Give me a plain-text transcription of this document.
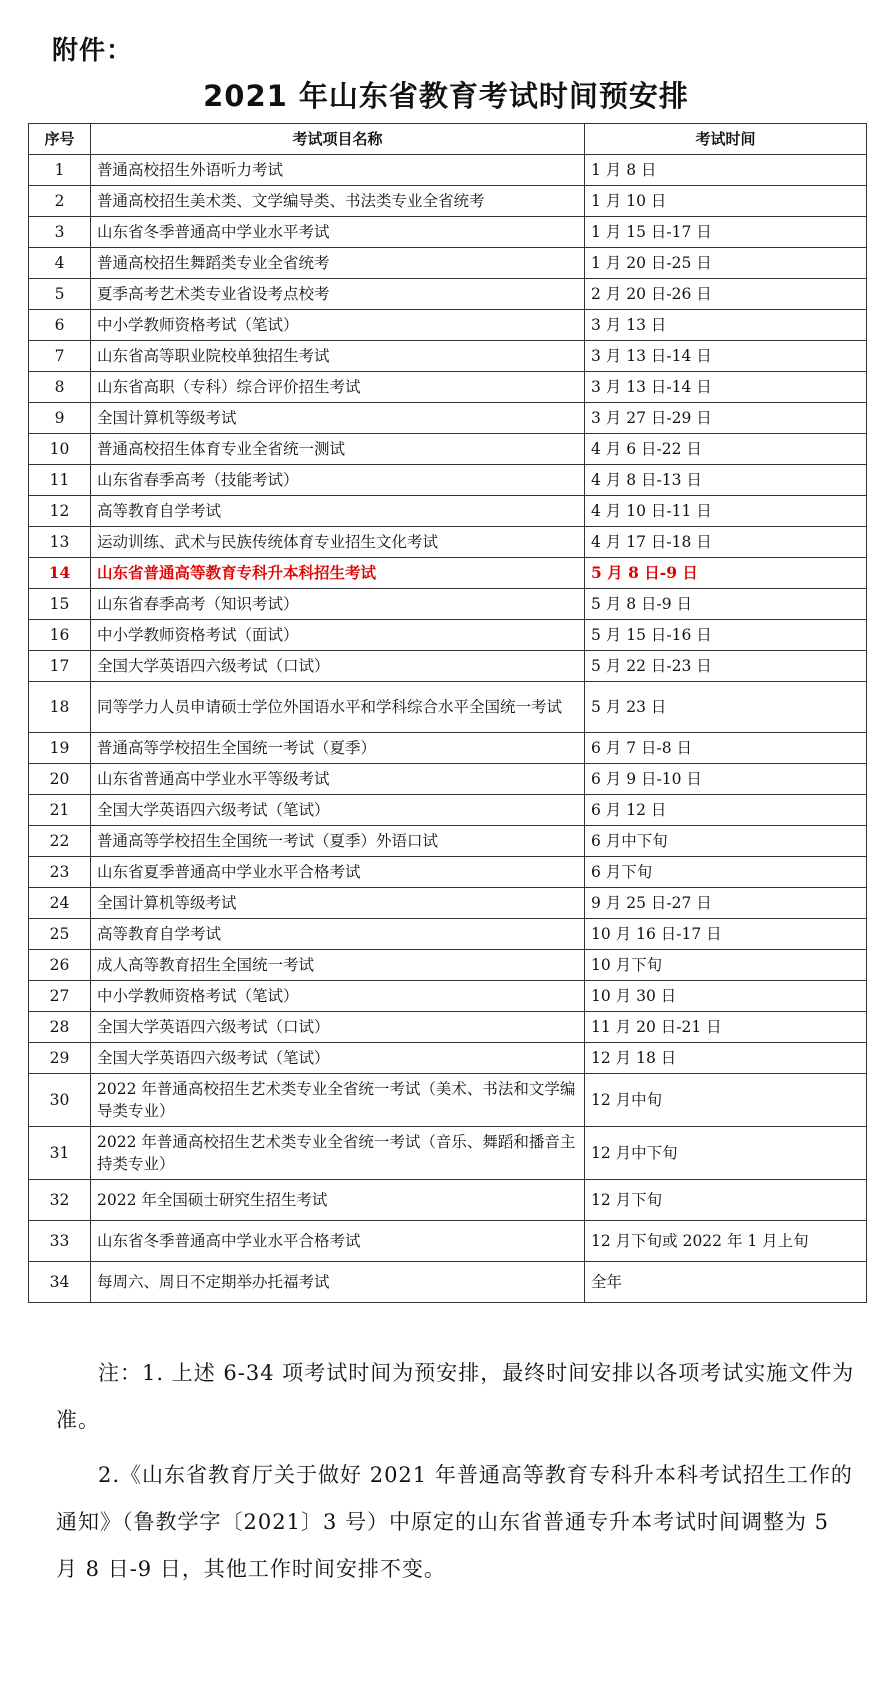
附件：
2021 年山东省教育考试时间预安排
序号	考试项目名称	考试时间
1	普通高校招生外语听力考试	1 月 8 日
2	普通高校招生美术类、文学编导类、书法类专业全省统考	1 月 10 日
3	山东省冬季普通高中学业水平考试	1 月 15 日-17 日
4	普通高校招生舞蹈类专业全省统考	1 月 20 日-25 日
5	夏季高考艺术类专业省设考点校考	2 月 20 日-26 日
6	中小学教师资格考试（笔试）	3 月 13 日
7	山东省高等职业院校单独招生考试	3 月 13 日-14 日
8	山东省高职（专科）综合评价招生考试	3 月 13 日-14 日
9	全国计算机等级考试	3 月 27 日-29 日
10	普通高校招生体育专业全省统一测试	4 月 6 日-22 日
11	山东省春季高考（技能考试）	4 月 8 日-13 日
12	高等教育自学考试	4 月 10 日-11 日
13	运动训练、武术与民族传统体育专业招生文化考试	4 月 17 日-18 日
14	山东省普通高等教育专科升本科招生考试	5 月 8 日-9 日
15	山东省春季高考（知识考试）	5 月 8 日-9 日
16	中小学教师资格考试（面试）	5 月 15 日-16 日
17	全国大学英语四六级考试（口试）	5 月 22 日-23 日
18	同等学力人员申请硕士学位外国语水平和学科综合水平全国统一考试	5 月 23 日
19	普通高等学校招生全国统一考试（夏季）	6 月 7 日-8 日
20	山东省普通高中学业水平等级考试	6 月 9 日-10 日
21	全国大学英语四六级考试（笔试）	6 月 12 日
22	普通高等学校招生全国统一考试（夏季）外语口试	6 月中下旬
23	山东省夏季普通高中学业水平合格考试	6 月下旬
24	全国计算机等级考试	9 月 25 日-27 日
25	高等教育自学考试	10 月 16 日-17 日
26	成人高等教育招生全国统一考试	10 月下旬
27	中小学教师资格考试（笔试）	10 月 30 日
28	全国大学英语四六级考试（口试）	11 月 20 日-21 日
29	全国大学英语四六级考试（笔试）	12 月 18 日
30	2022 年普通高校招生艺术类专业全省统一考试（美术、书法和文学编导类专业）	12 月中旬
31	2022 年普通高校招生艺术类专业全省统一考试（音乐、舞蹈和播音主持类专业）	12 月中下旬
32	2022 年全国硕士研究生招生考试	12 月下旬
33	山东省冬季普通高中学业水平合格考试	12 月下旬或 2022 年 1 月上旬
34	每周六、周日不定期举办托福考试	全年

注：1. 上述 6-34 项考试时间为预安排，最终时间安排以各项考试实施文件为准。

2.《山东省教育厅关于做好 2021 年普通高等教育专科升本科考试招生工作的通知》（鲁教学字〔2021〕3 号）中原定的山东省普通专升本考试时间调整为 5 月 8 日-9 日，其他工作时间安排不变。
